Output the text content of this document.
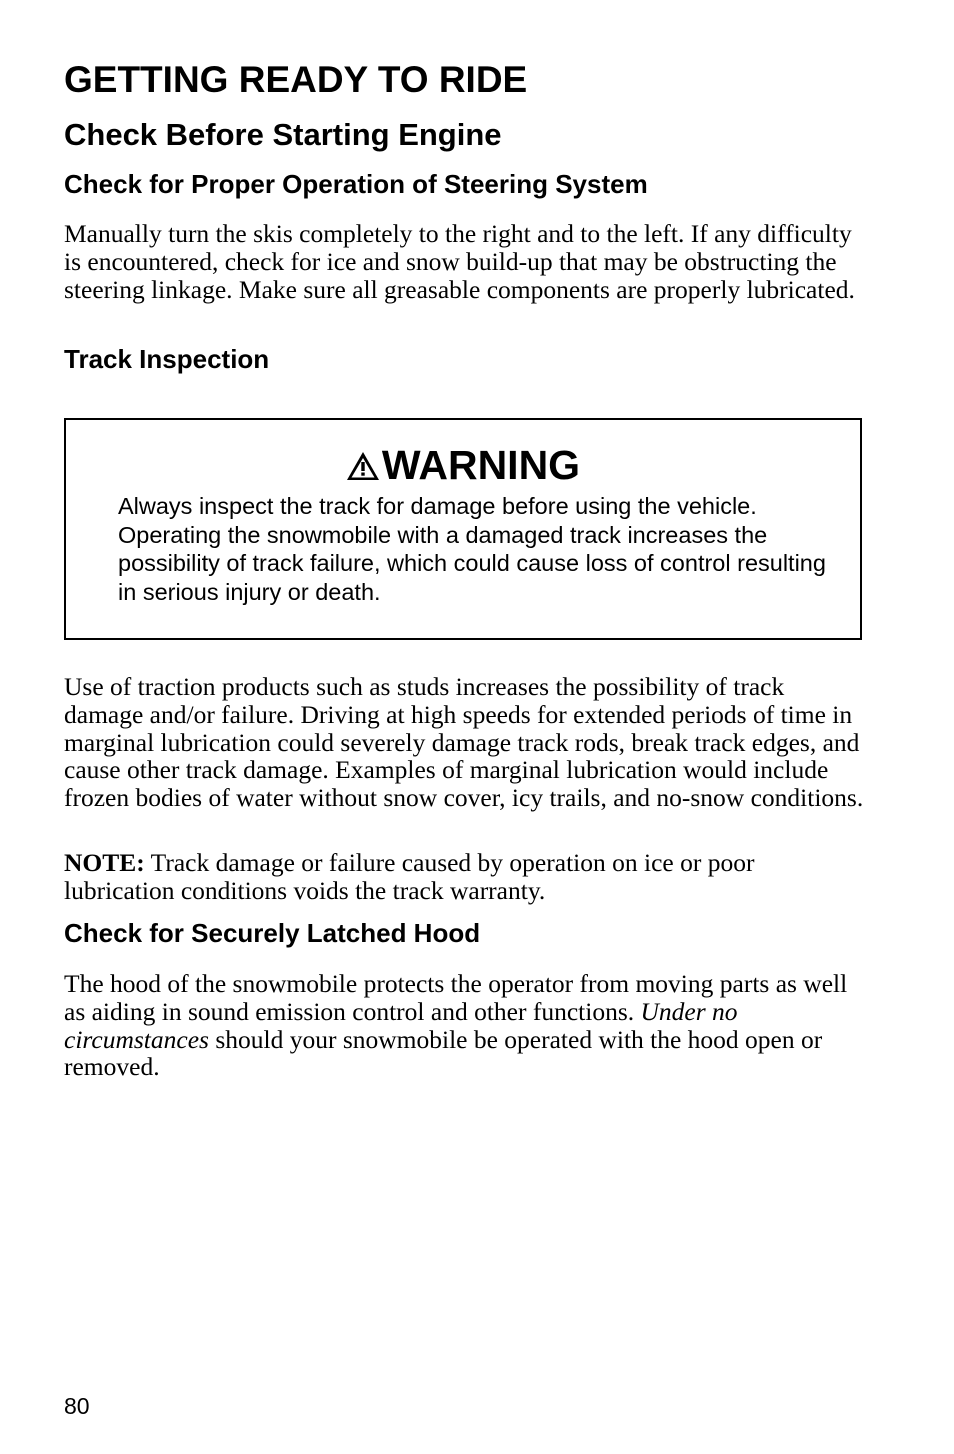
GETTING READY TO RIDE
Check Before Starting Engine
Check for Proper Operation of Steering System

Manually turn the skis completely to the right and to the left. If any difficulty is encountered, check for ice and snow build-up that may be obstructing the steering linkage. Make sure all greasable components are properly lubricated.

Track Inspection
WARNING

Always inspect the track for damage before using the vehicle. Operating the snowmobile with a damaged track increases the possibility of track failure, which could cause loss of control resulting in serious injury or death.

Use of traction products such as studs increases the possibility of track damage and/or failure. Driving at high speeds for extended periods of time in marginal lubrication could severely damage track rods, break track edges, and cause other track damage. Examples of marginal lubrication would include frozen bodies of water without snow cover, icy trails, and no-snow conditions.

NOTE: Track damage or failure caused by operation on ice or poor lubrication conditions voids the track warranty.

Check for Securely Latched Hood

The hood of the snowmobile protects the operator from moving parts as well as aiding in sound emission control and other functions. Under no circumstances should your snowmobile be operated with the hood open or removed.

80
